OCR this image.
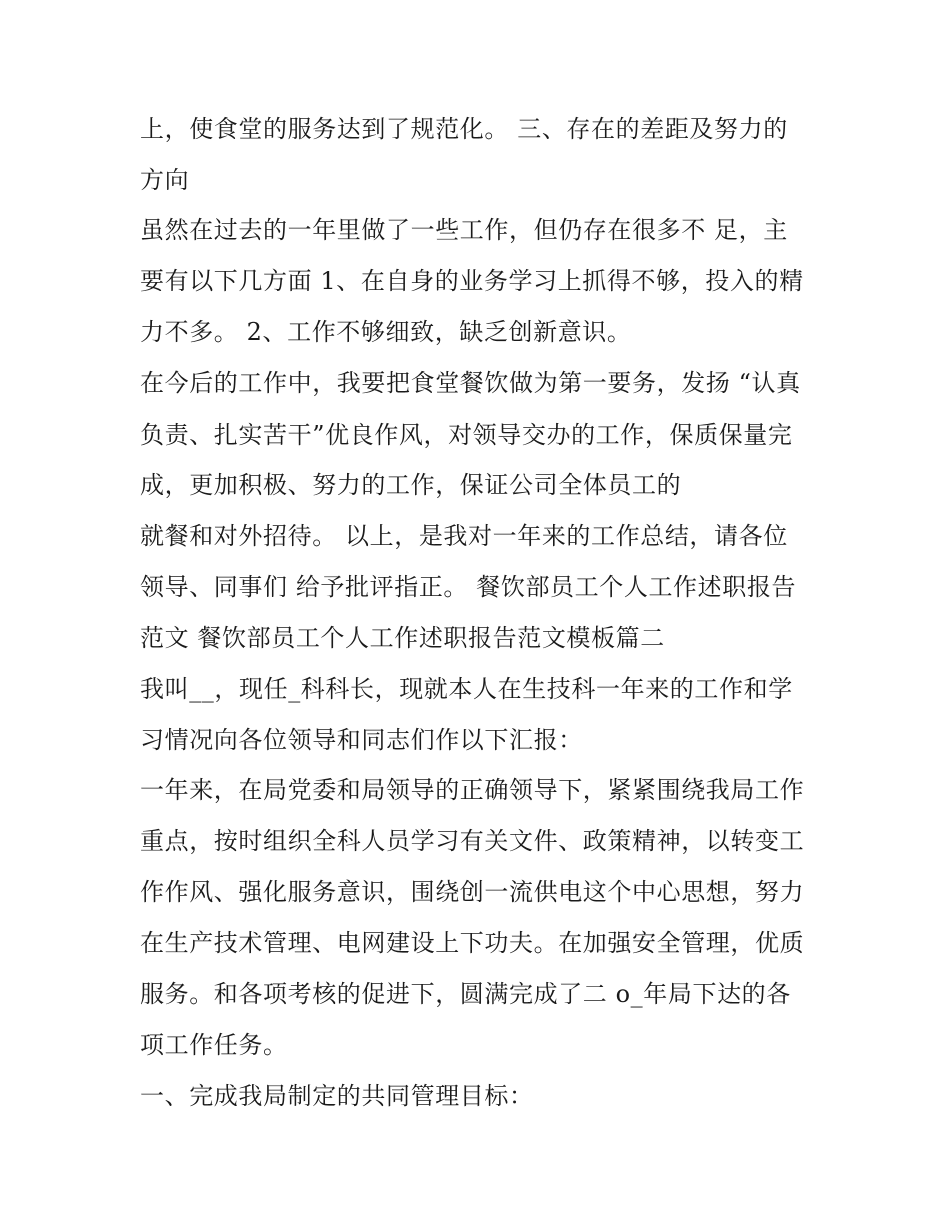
上，使食堂的服务达到了规范化。 三、存在的差距及努力的
方向
虽然在过去的一年里做了一些工作，但仍存在很多不 足，主
要有以下几方面 1、在自身的业务学习上抓得不够，投入的精
力不多。 2、工作不够细致，缺乏创新意识。
在今后的工作中，我要把食堂餐饮做为第一要务，发扬 “认真
负责、扎实苦干”优良作风，对领导交办的工作，保质保量完
成，更加积极、努力的工作，保证公司全体员工的
就餐和对外招待。 以上，是我对一年来的工作总结，请各位
领导、同事们 给予批评指正。 餐饮部员工个人工作述职报告
范文 餐饮部员工个人工作述职报告范文模板篇二
我叫__，现任_科科长，现就本人在生技科一年来的工作和学
习情况向各位领导和同志们作以下汇报：
一年来，在局党委和局领导的正确领导下，紧紧围绕我局工作
重点，按时组织全科人员学习有关文件、政策精神，以转变工
作作风、强化服务意识，围绕创一流供电这个中心思想，努力
在生产技术管理、电网建设上下功夫。在加强安全管理，优质
服务。和各项考核的促进下，圆满完成了二 o_年局下达的各
项工作任务。
一、完成我局制定的共同管理目标：
